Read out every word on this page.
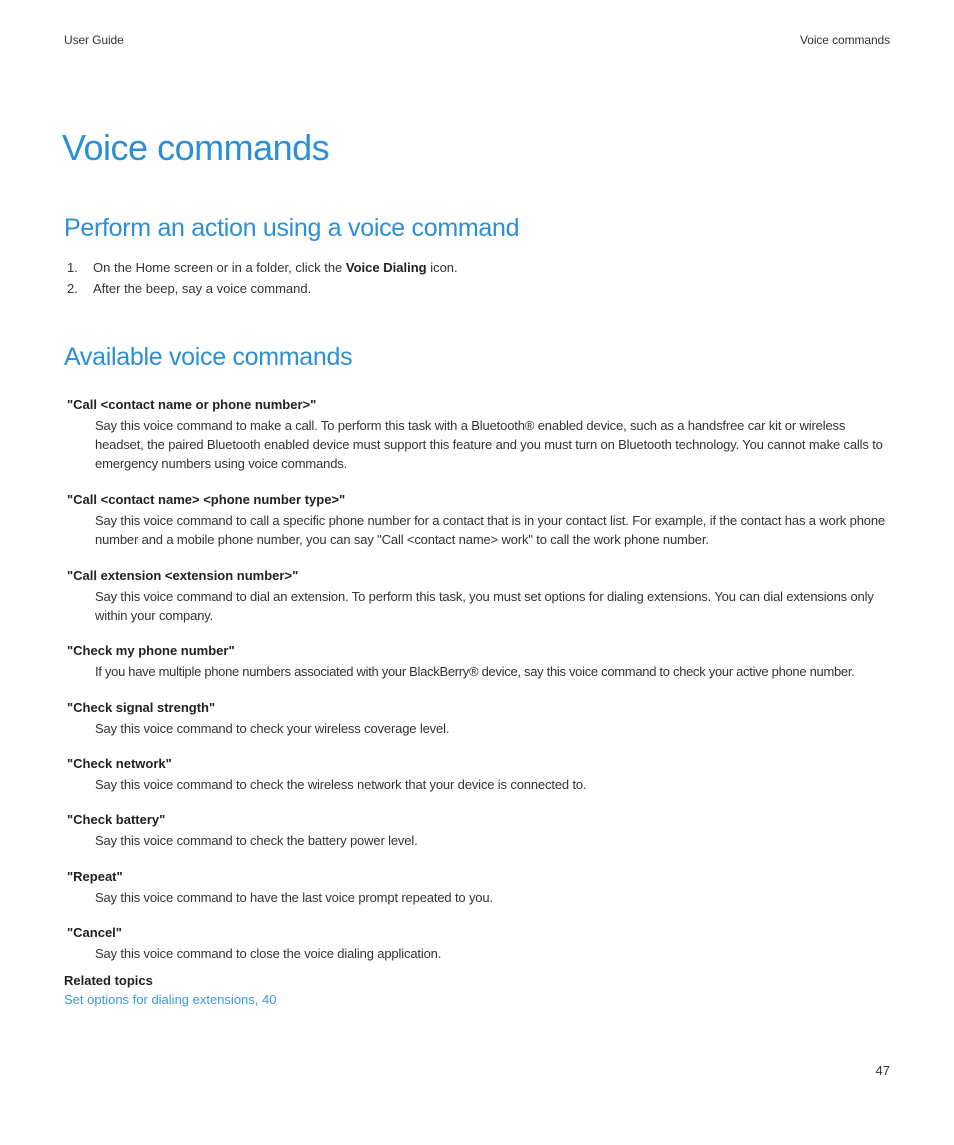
User Guide	Voice commands
Voice commands
Perform an action using a voice command
1. On the Home screen or in a folder, click the Voice Dialing icon.
2. After the beep, say a voice command.
Available voice commands
"Call <contact name or phone number>"
Say this voice command to make a call. To perform this task with a Bluetooth® enabled device, such as a handsfree car kit or wireless headset, the paired Bluetooth enabled device must support this feature and you must turn on Bluetooth technology. You cannot make calls to emergency numbers using voice commands.
"Call <contact name> <phone number type>"
Say this voice command to call a specific phone number for a contact that is in your contact list. For example, if the contact has a work phone number and a mobile phone number, you can say "Call <contact name> work" to call the work phone number.
"Call extension <extension number>"
Say this voice command to dial an extension. To perform this task, you must set options for dialing extensions. You can dial extensions only within your company.
"Check my phone number"
If you have multiple phone numbers associated with your BlackBerry® device, say this voice command to check your active phone number.
"Check signal strength"
Say this voice command to check your wireless coverage level.
"Check network"
Say this voice command to check the wireless network that your device is connected to.
"Check battery"
Say this voice command to check the battery power level.
"Repeat"
Say this voice command to have the last voice prompt repeated to you.
"Cancel"
Say this voice command to close the voice dialing application.
Related topics
Set options for dialing extensions, 40
47
